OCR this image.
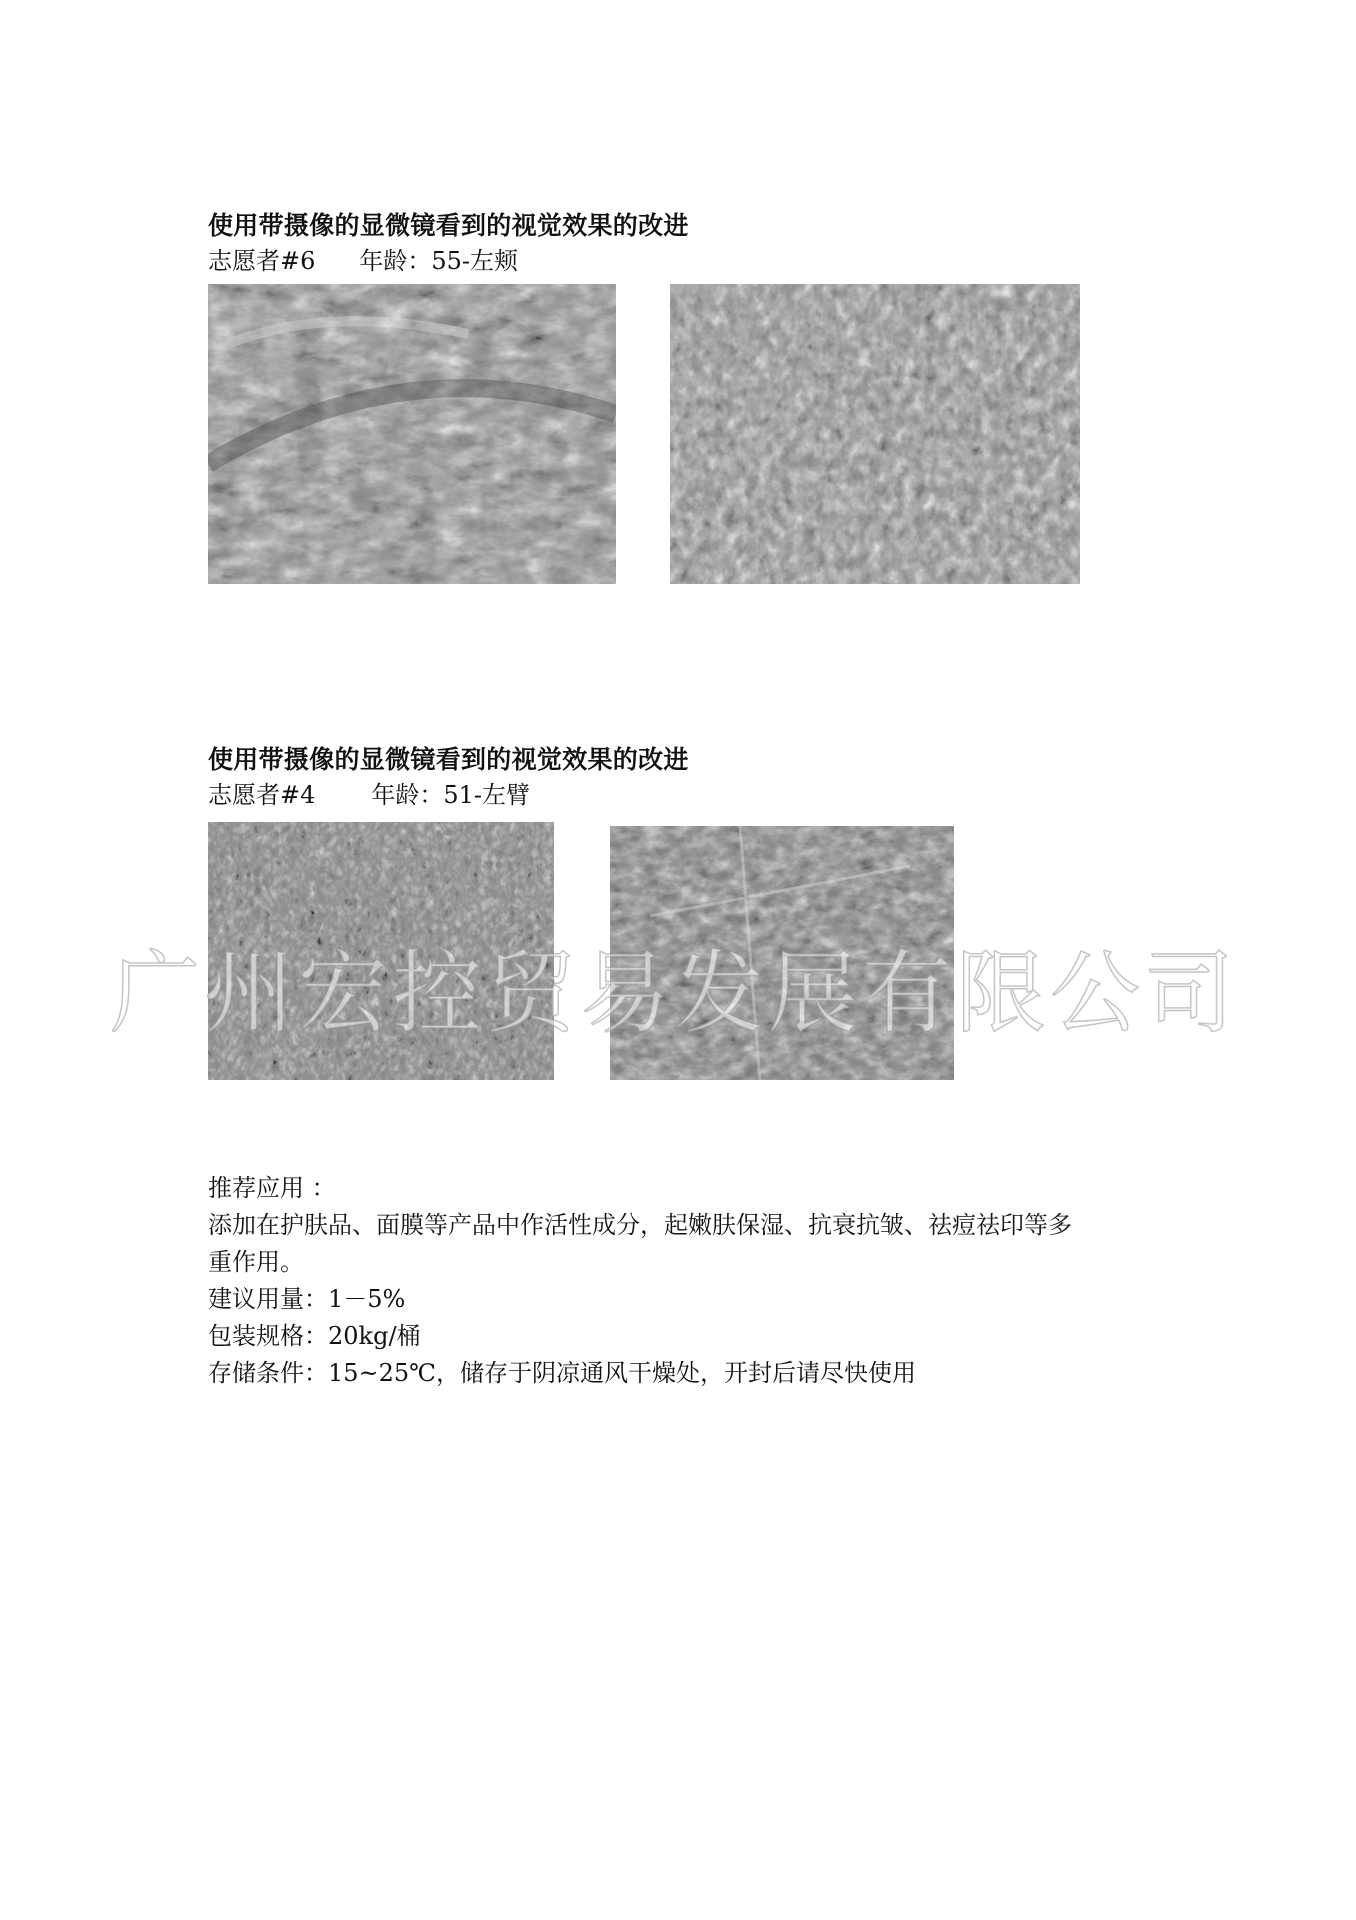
使用带摄像的显微镜看到的视觉效果的改进
志愿者#6 年龄：55-左颊
使用带摄像的显微镜看到的视觉效果的改进
志愿者#4 年龄：51-左臂
推荐应用 ：
添加在护肤品、面膜等产品中作活性成分，起嫩肤保湿、抗衰抗皱、祛痘祛印等多
重作用。
建议用量：1－5%
包装规格：20kg/桶
存储条件：15~25℃，储存于阴凉通风干燥处，开封后请尽快使用
广州宏控贸易发展有限公司
